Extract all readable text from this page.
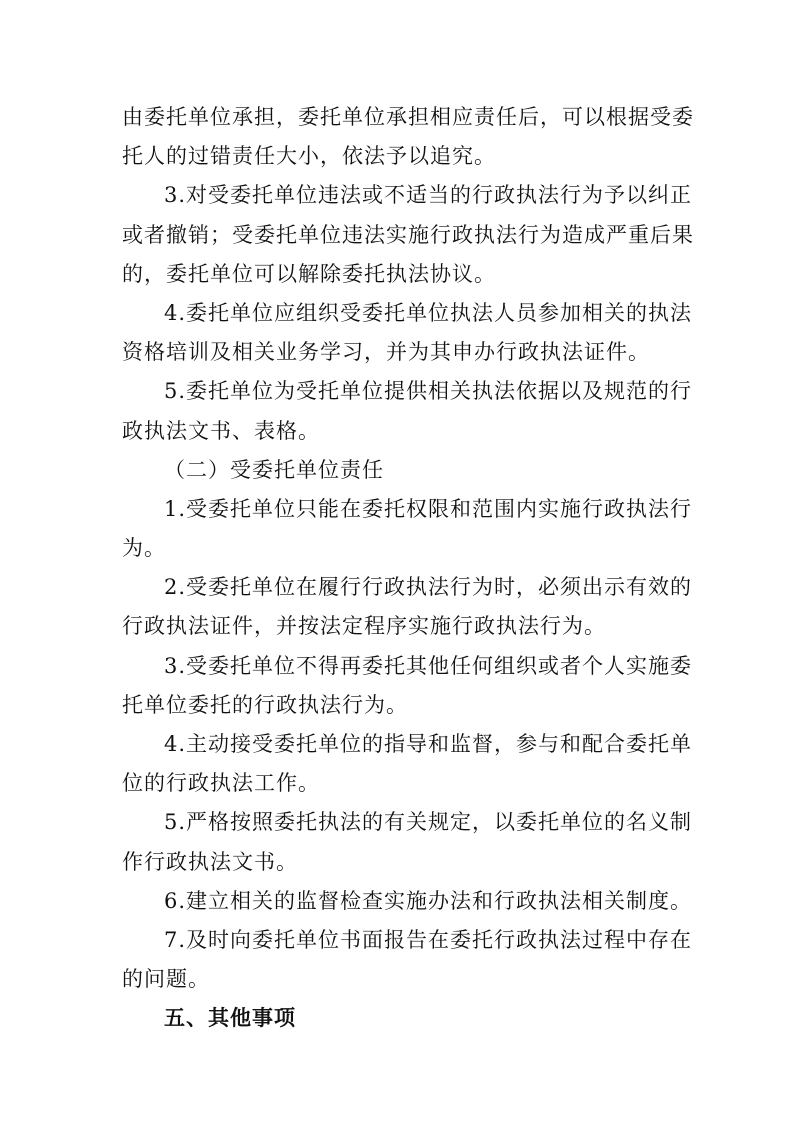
由委托单位承担，委托单位承担相应责任后，可以根据受委
托人的过错责任大小，依法予以追究。
3.对受委托单位违法或不适当的行政执法行为予以纠正
或者撤销；受委托单位违法实施行政执法行为造成严重后果
的，委托单位可以解除委托执法协议。
4.委托单位应组织受委托单位执法人员参加相关的执法
资格培训及相关业务学习，并为其申办行政执法证件。
5.委托单位为受托单位提供相关执法依据以及规范的行
政执法文书、表格。
（二）受委托单位责任
1.受委托单位只能在委托权限和范围内实施行政执法行
为。
2.受委托单位在履行行政执法行为时，必须出示有效的
行政执法证件，并按法定程序实施行政执法行为。
3.受委托单位不得再委托其他任何组织或者个人实施委
托单位委托的行政执法行为。
4.主动接受委托单位的指导和监督，参与和配合委托单
位的行政执法工作。
5.严格按照委托执法的有关规定，以委托单位的名义制
作行政执法文书。
6.建立相关的监督检查实施办法和行政执法相关制度。
7.及时向委托单位书面报告在委托行政执法过程中存在
的问题。
五、其他事项
